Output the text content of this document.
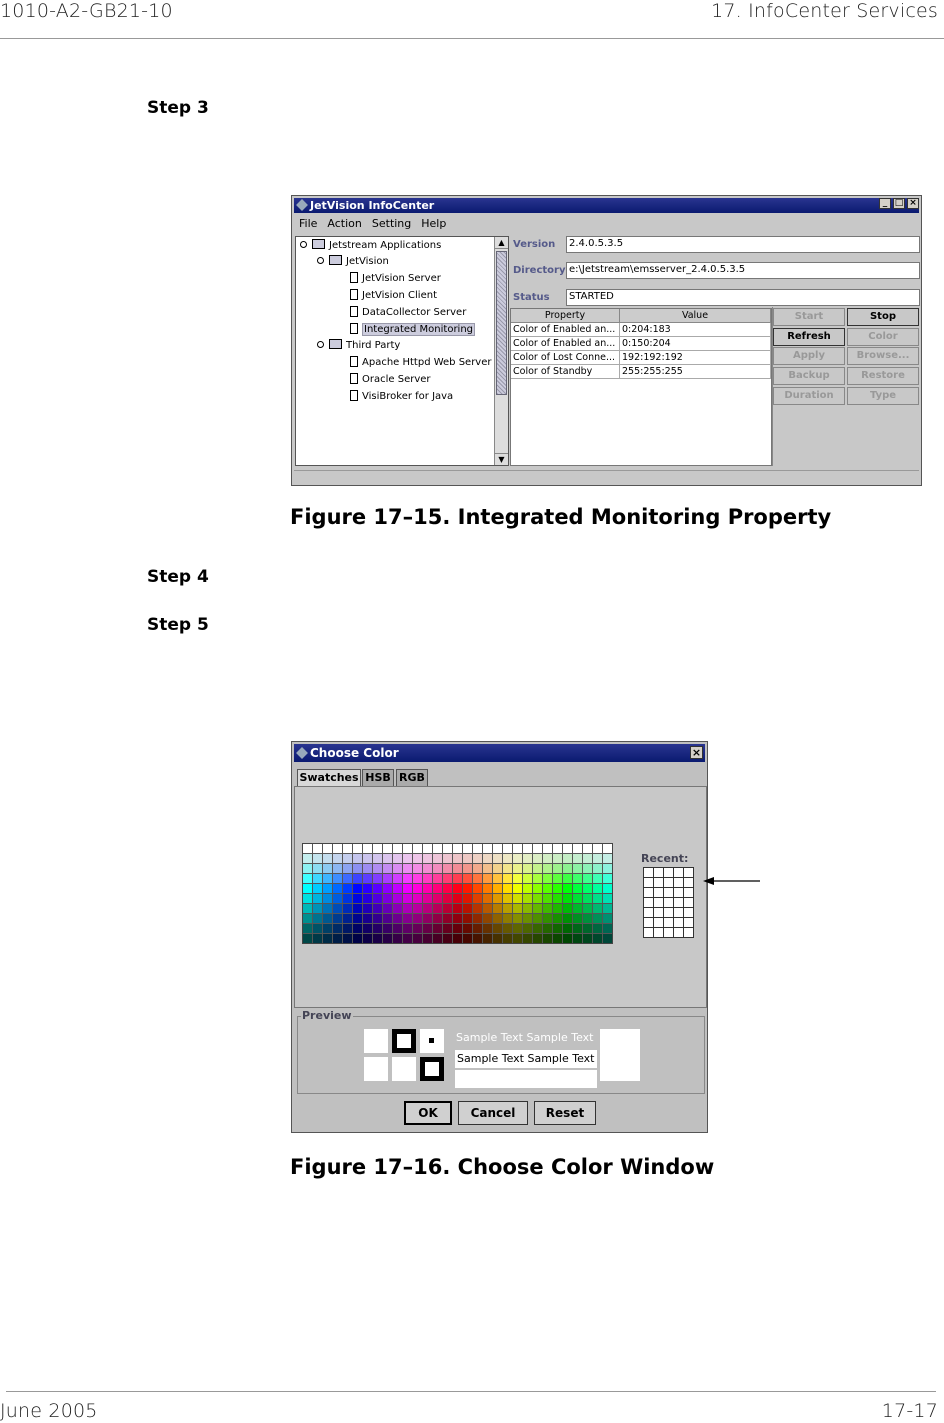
1010-A2-GB21-10	17. InfoCenter Services
Step 3
JetVision InfoCenter	_ □ ×
File Action Setting Help
Jetstream Applications
JetVision
JetVision Server
JetVision Client
DataCollector Server
Integrated Monitoring
Third Party
Apache Httpd Web Server
Oracle Server
VisiBroker for Java
▲
▼
Version	2.4.0.5.3.5
Directory e:\Jetstream\emsserver_2.4.0.5.3.5
Status	STARTED
Property	Value
Color of Enabled an... 0:204:183
Color of Enabled an... 0:150:204
Color of Lost Conne... 192:192:192
Color of Standby	255:255:255
Start	Stop
Refresh	Color
Apply	Browse...
Backup	Restore
Duration	Type
Figure 17–15. Integrated Monitoring Property
Step 4
Step 5
Choose Color	×
Swatches HSB RGB
Recent:
Preview
Sample Text Sample Text
Sample Text Sample Text
OK	Cancel	Reset
Figure 17–16. Choose Color Window
June 2005	17-17
